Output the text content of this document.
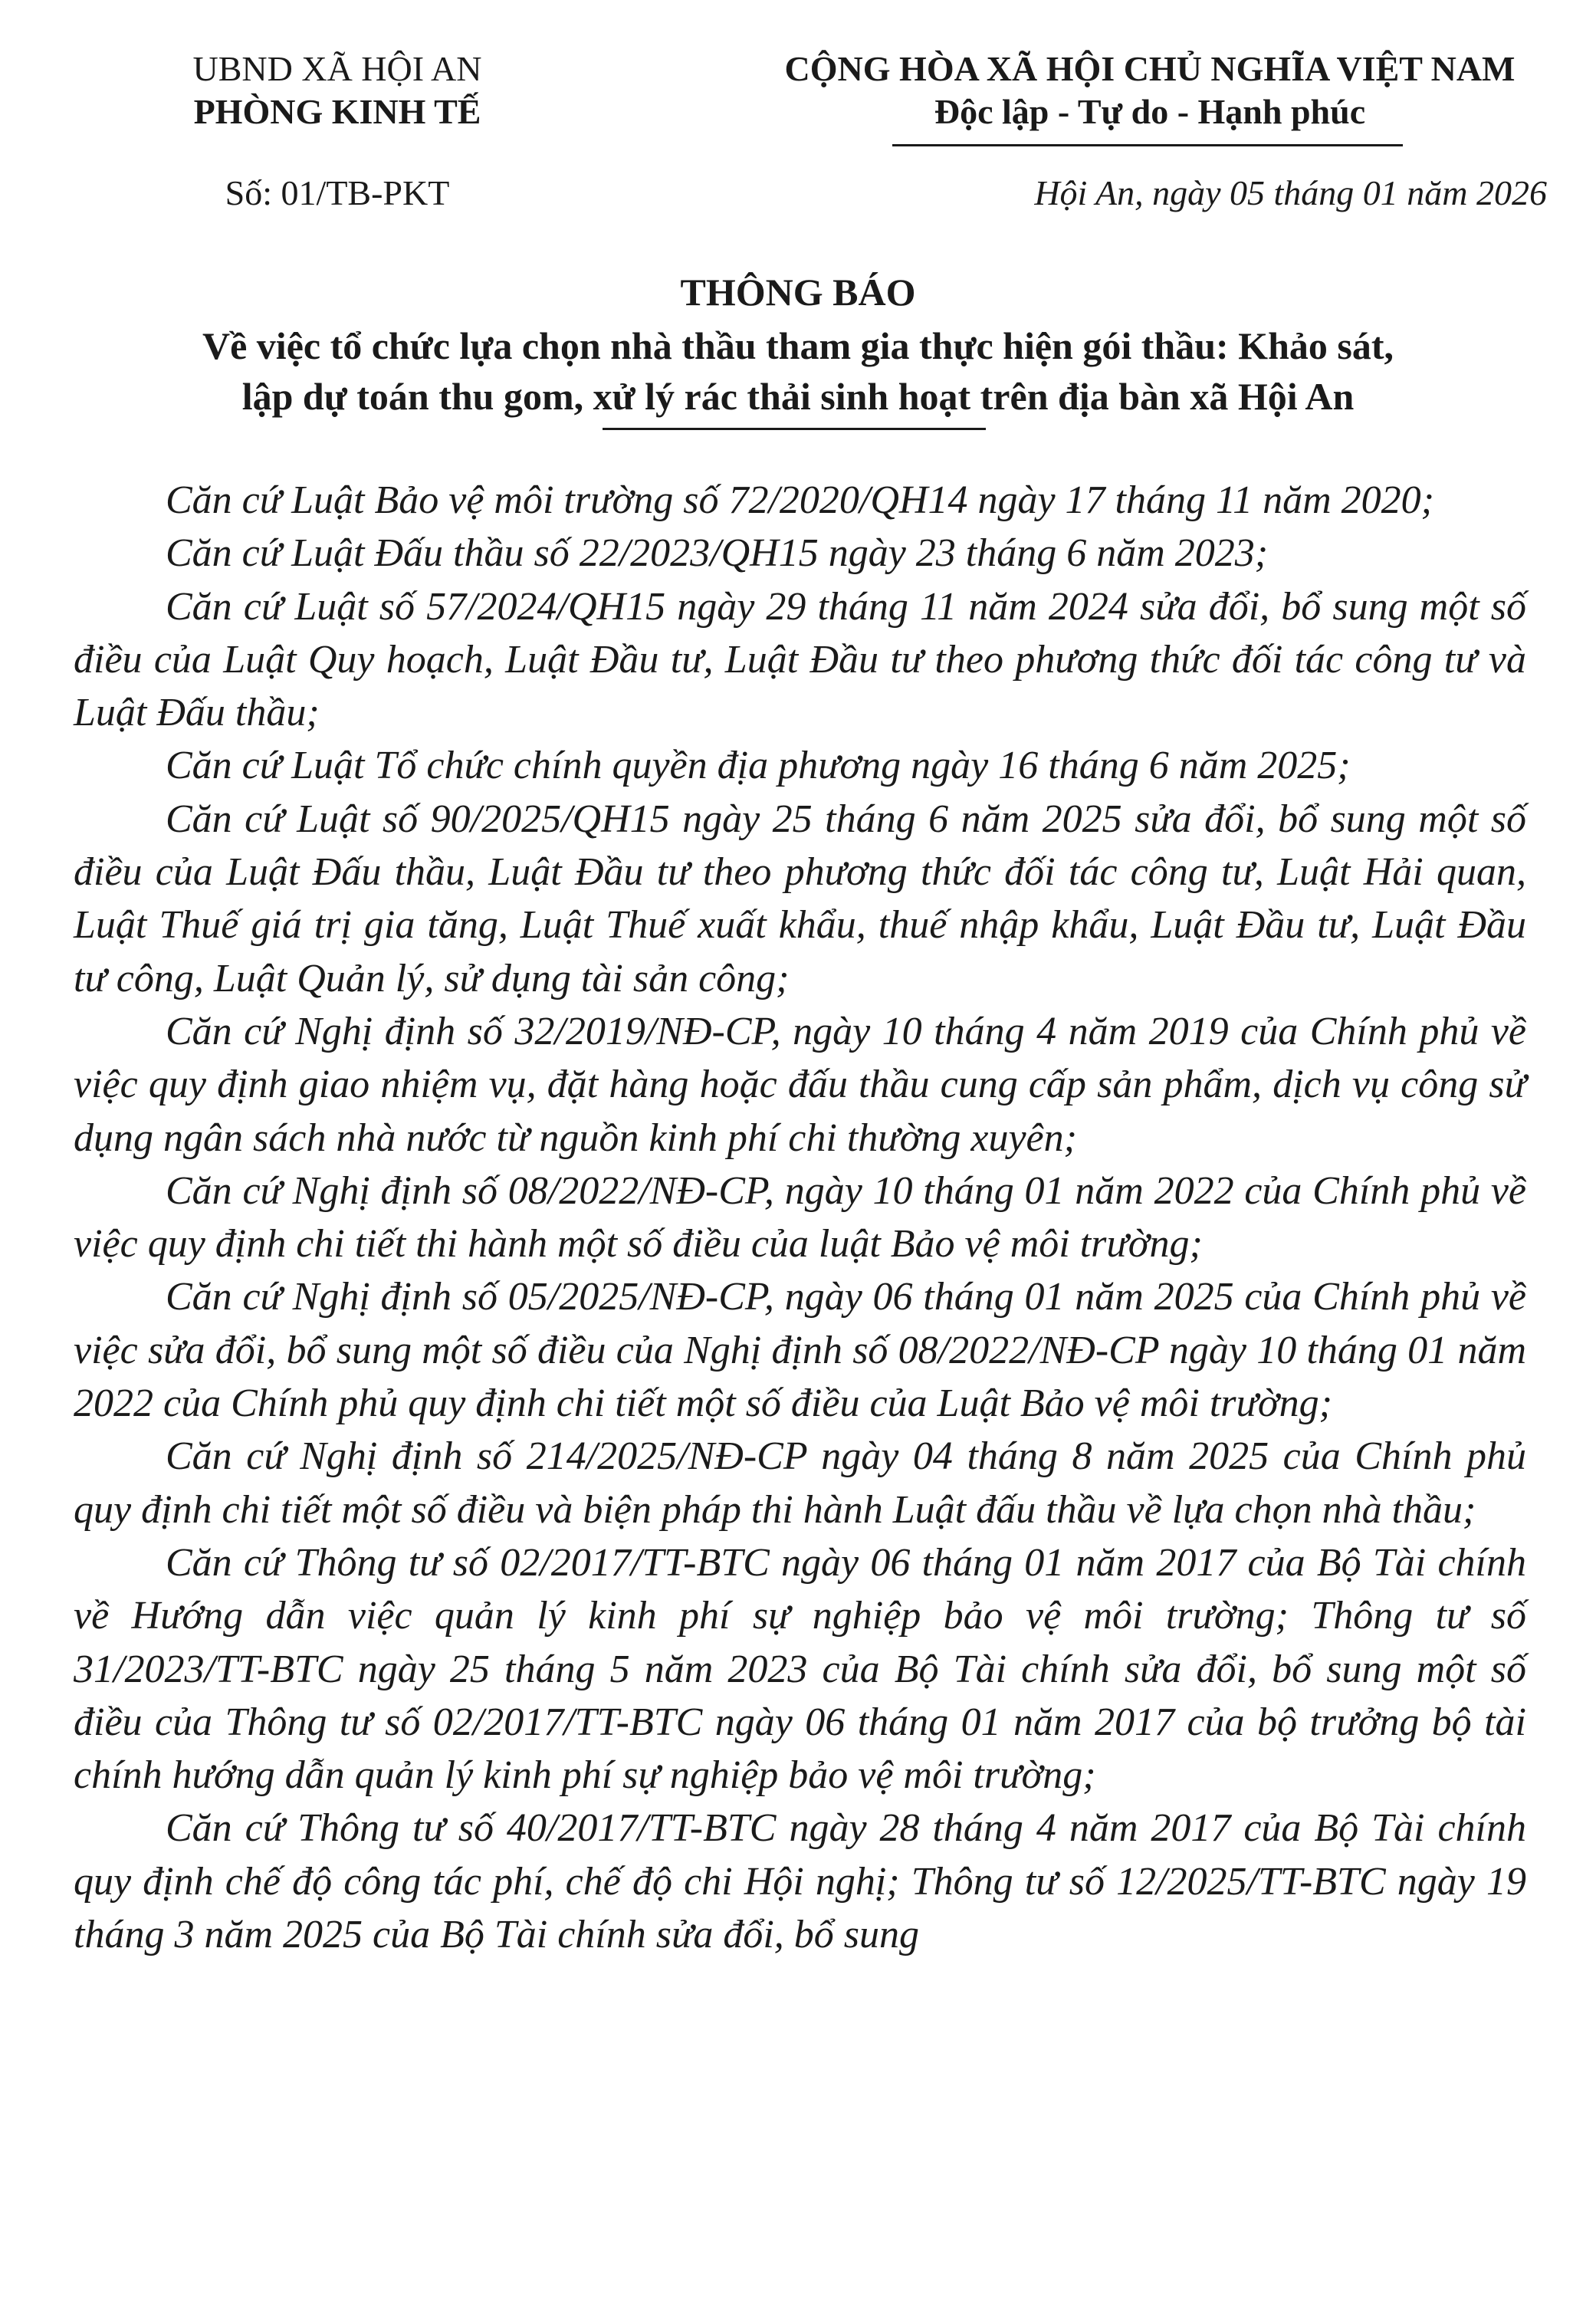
UBND XÃ HỘI AN
PHÒNG KINH TẾ
Số: 01/TB-PKT
CỘNG HÒA XÃ HỘI CHỦ NGHĨA VIỆT NAM
Độc lập - Tự do - Hạnh phúc
Hội An, ngày 05 tháng 01 năm 2026
THÔNG BÁO
Về việc tổ chức lựa chọn nhà thầu tham gia thực hiện gói thầu: Khảo sát,
lập dự toán thu gom, xử lý rác thải sinh hoạt trên địa bàn xã Hội An

Căn cứ Luật Bảo vệ môi trường số 72/2020/QH14 ngày 17 tháng 11 năm 2020;

Căn cứ Luật Đấu thầu số 22/2023/QH15 ngày 23 tháng 6 năm 2023;

Căn cứ Luật số 57/2024/QH15 ngày 29 tháng 11 năm 2024 sửa đổi, bổ sung một số điều của Luật Quy hoạch, Luật Đầu tư, Luật Đầu tư theo phương thức đối tác công tư và Luật Đấu thầu;

Căn cứ Luật Tổ chức chính quyền địa phương ngày 16 tháng 6 năm 2025;

Căn cứ Luật số 90/2025/QH15 ngày 25 tháng 6 năm 2025 sửa đổi, bổ sung một số điều của Luật Đấu thầu, Luật Đầu tư theo phương thức đối tác công tư, Luật Hải quan, Luật Thuế giá trị gia tăng, Luật Thuế xuất khẩu, thuế nhập khẩu, Luật Đầu tư, Luật Đầu tư công, Luật Quản lý, sử dụng tài sản công;

Căn cứ Nghị định số 32/2019/NĐ-CP, ngày 10 tháng 4 năm 2019 của Chính phủ về việc quy định giao nhiệm vụ, đặt hàng hoặc đấu thầu cung cấp sản phẩm, dịch vụ công sử dụng ngân sách nhà nước từ nguồn kinh phí chi thường xuyên;

Căn cứ Nghị định số 08/2022/NĐ-CP, ngày 10 tháng 01 năm 2022 của Chính phủ về việc quy định chi tiết thi hành một số điều của luật Bảo vệ môi trường;

Căn cứ Nghị định số 05/2025/NĐ-CP, ngày 06 tháng 01 năm 2025 của Chính phủ về việc sửa đổi, bổ sung một số điều của Nghị định số 08/2022/NĐ-CP ngày 10 tháng 01 năm 2022 của Chính phủ quy định chi tiết một số điều của Luật Bảo vệ môi trường;

Căn cứ Nghị định số 214/2025/NĐ-CP ngày 04 tháng 8 năm 2025 của Chính phủ quy định chi tiết một số điều và biện pháp thi hành Luật đấu thầu về lựa chọn nhà thầu;

Căn cứ Thông tư số 02/2017/TT-BTC ngày 06 tháng 01 năm 2017 của Bộ Tài chính về Hướng dẫn việc quản lý kinh phí sự nghiệp bảo vệ môi trường; Thông tư số 31/2023/TT-BTC ngày 25 tháng 5 năm 2023 của Bộ Tài chính sửa đổi, bổ sung một số điều của Thông tư số 02/2017/TT-BTC ngày 06 tháng 01 năm 2017 của bộ trưởng bộ tài chính hướng dẫn quản lý kinh phí sự nghiệp bảo vệ môi trường;

Căn cứ Thông tư số 40/2017/TT-BTC ngày 28 tháng 4 năm 2017 của Bộ Tài chính quy định chế độ công tác phí, chế độ chi Hội nghị; Thông tư số 12/2025/TT-BTC ngày 19 tháng 3 năm 2025 của Bộ Tài chính sửa đổi, bổ sung
